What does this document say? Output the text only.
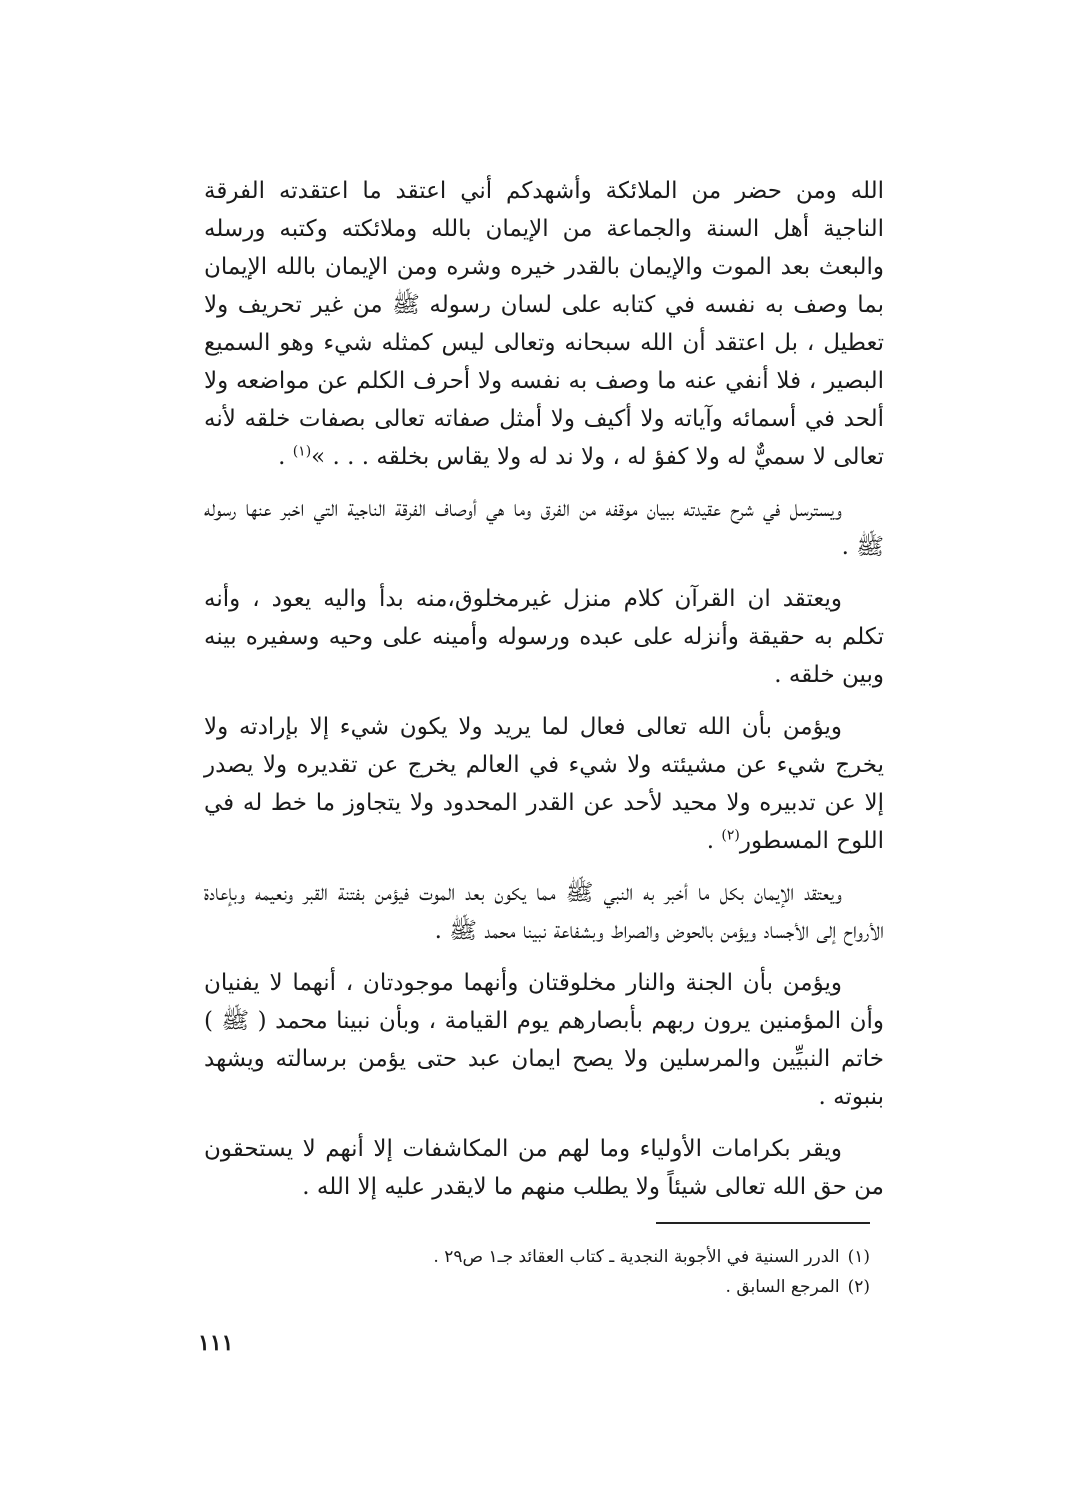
الله ومن حضر من الملائكة وأشهدكم أني اعتقد ما اعتقدته الفرقة الناجية أهل السنة والجماعة من الإيمان بالله وملائكته وكتبه ورسله والبعث بعد الموت والإيمان بالقدر خيره وشره ومن الإيمان بالله الإيمان بما وصف به نفسه في كتابه على لسان رسوله ﷺ من غير تحريف ولا تعطيل ، بل اعتقد أن الله سبحانه وتعالى ليس كمثله شيء وهو السميع البصير ، فلا أنفي عنه ما وصف به نفسه ولا أحرف الكلم عن مواضعه ولا ألحد في أسمائه وآياته ولا أكيف ولا أمثل صفاته تعالى بصفات خلقه لأنه تعالى لا سميٌّ له ولا كفؤ له ، ولا ند له ولا يقاس بخلقه . . . »$^{(١)}$ .

ويسترسل في شرح عقيدته ببيان موقفه من الفرق وما هي أوصاف الفرقة الناجية التي اخبر عنها رسوله ﷺ .

ويعتقد ان القرآن كلام منزل غيرمخلوق،منه بدأ واليه يعود ، وأنه تكلم به حقيقة وأنزله على عبده ورسوله وأمينه على وحيه وسفيره بينه وبين خلقه .

ويؤمن بأن الله تعالى فعال لما يريد ولا يكون شيء إلا بإرادته ولا يخرج شيء عن مشيئته ولا شيء في العالم يخرج عن تقديره ولا يصدر إلا عن تدبيره ولا محيد لأحد عن القدر المحدود ولا يتجاوز ما خط له في اللوح المسطور$^{(٢)}$ .

ويعتقد الإيمان بكل ما أخبر به النبي ﷺ مما يكون بعد الموت فيؤمن بفتنة القبر ونعيمه وبإعادة الأرواح إلى الأجساد ويؤمن بالحوض والصراط وبشفاعة نبينا محمد ﷺ .

ويؤمن بأن الجنة والنار مخلوقتان وأنهما موجودتان ، أنهما لا يفنيان وأن المؤمنين يرون ربهم بأبصارهم يوم القيامة ، وبأن نبينا محمد ( ﷺ ) خاتم النبيِّين والمرسلين ولا يصح ايمان عبد حتى يؤمن برسالته ويشهد بنبوته .

ويقر بكرامات الأولياء وما لهم من المكاشفات إلا أنهم لا يستحقون من حق الله تعالى شيئاً ولا يطلب منهم ما لايقدر عليه إلا الله .

(١)الدرر السنية في الأجوبة النجدية ـ كتاب العقائد جـ١ ص٢٩ .

(٢)المرجع السابق .

١١١
